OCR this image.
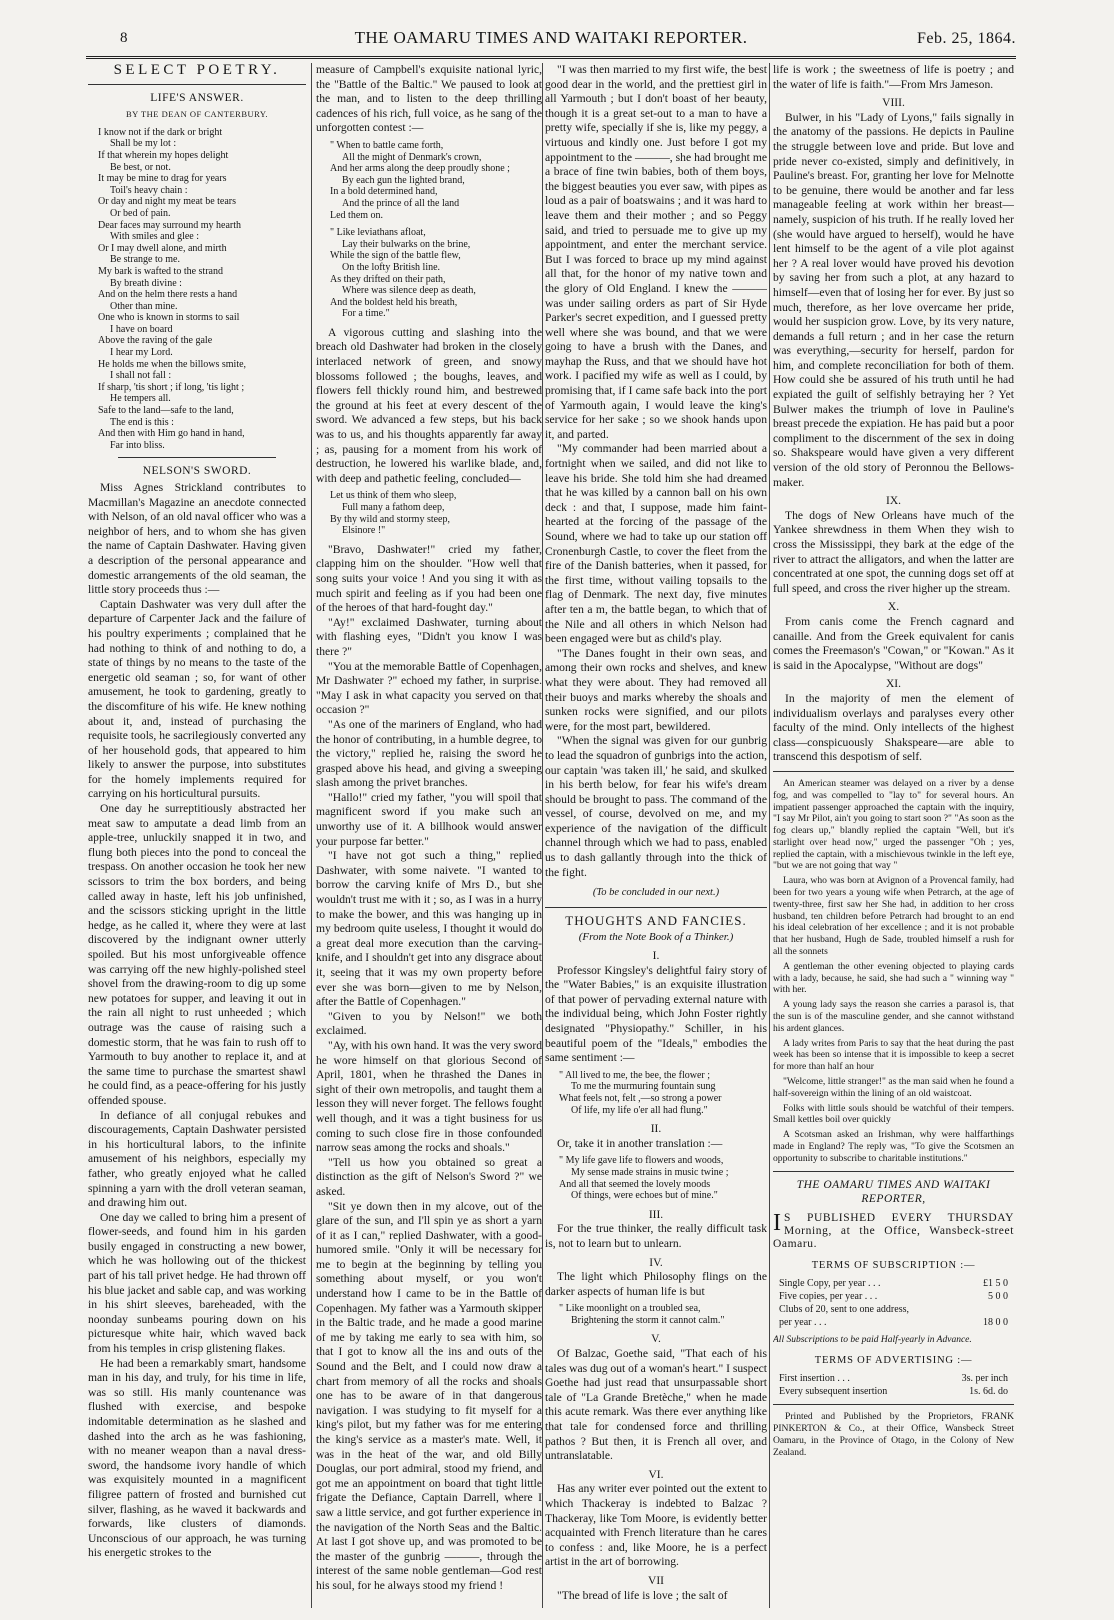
8	THE OAMARU TIMES AND WAITAKI REPORTER.	Feb. 25, 1864.
SELECT POETRY.
LIFE'S ANSWER.
BY THE DEAN OF CANTERBURY.
I know not if the dark or bright
Shall be my lot :
If that wherein my hopes delight
Be best, or not.
It may be mine to drag for years
Toil's heavy chain :
Or day and night my meat be tears
Or bed of pain.
Dear faces may surround my hearth
With smiles and glee :
Or I may dwell alone, and mirth
Be strange to me.
My bark is wafted to the strand
By breath divine :
And on the helm there rests a hand
Other than mine.
One who is known in storms to sail
I have on board
Above the raving of the gale
I hear my Lord.
He holds me when the billows smite,
I shall not fall :
If sharp, 'tis short ; if long, 'tis light ;
He tempers all.
Safe to the land—safe to the land,
The end is this :
And then with Him go hand in hand,
Far into bliss.
NELSON'S SWORD.

Miss Agnes Strickland contributes to Macmillan's Magazine an anecdote connected with Nelson, of an old naval officer who was a neighbor of hers, and to whom she has given the name of Captain Dashwater. Having given a description of the personal appearance and domestic arrangements of the old seaman, the little story proceeds thus :—

Captain Dashwater was very dull after the departure of Carpenter Jack and the failure of his poultry experiments ; complained that he had nothing to think of and nothing to do, a state of things by no means to the taste of the energetic old seaman ; so, for want of other amusement, he took to gardening, greatly to the discomfiture of his wife. He knew nothing about it, and, instead of purchasing the requisite tools, he sacrilegiously converted any of her household gods, that appeared to him likely to answer the purpose, into substitutes for the homely implements required for carrying on his horticultural pursuits.

One day he surreptitiously abstracted her meat saw to amputate a dead limb from an apple-tree, unluckily snapped it in two, and flung both pieces into the pond to conceal the trespass. On another occasion he took her new scissors to trim the box borders, and being called away in haste, left his job unfinished, and the scissors sticking upright in the little hedge, as he called it, where they were at last discovered by the indignant owner utterly spoiled. But his most unforgiveable offence was carrying off the new highly-polished steel shovel from the drawing-room to dig up some new potatoes for supper, and leaving it out in the rain all night to rust unheeded ; which outrage was the cause of raising such a domestic storm, that he was fain to rush off to Yarmouth to buy another to replace it, and at the same time to purchase the smartest shawl he could find, as a peace-offering for his justly offended spouse.

In defiance of all conjugal rebukes and discouragements, Captain Dashwater persisted in his horticultural labors, to the infinite amusement of his neighbors, especially my father, who greatly enjoyed what he called spinning a yarn with the droll veteran seaman, and drawing him out.

One day we called to bring him a present of flower-seeds, and found him in his garden busily engaged in constructing a new bower, which he was hollowing out of the thickest part of his tall privet hedge. He had thrown off his blue jacket and sable cap, and was working in his shirt sleeves, bareheaded, with the noonday sunbeams pouring down on his picturesque white hair, which waved back from his temples in crisp glistening flakes.

He had been a remarkably smart, handsome man in his day, and truly, for his time in life, was so still. His manly countenance was flushed with exercise, and bespoke indomitable determination as he slashed and dashed into the arch as he was fashioning, with no meaner weapon than a naval dress-sword, the handsome ivory handle of which was exquisitely mounted in a magnificent filigree pattern of frosted and burnished cut silver, flashing, as he waved it backwards and forwards, like clusters of diamonds. Unconscious of our approach, he was turning his energetic strokes to the

measure of Campbell's exquisite national lyric, the "Battle of the Baltic." We paused to look at the man, and to listen to the deep thrilling cadences of his rich, full voice, as he sang of the unforgotten contest :—

" When to battle came forth,
All the might of Denmark's crown,
And her arms along the deep proudly shone ;
By each gun the lighted brand,
In a bold determined hand,
And the prince of all the land
Led them on.
" Like leviathans afloat,
Lay their bulwarks on the brine,
While the sign of the battle flew,
On the lofty British line.
As they drifted on their path,
Where was silence deep as death,
And the boldest held his breath,
For a time."

A vigorous cutting and slashing into the breach old Dashwater had broken in the closely interlaced network of green, and snowy blossoms followed ; the boughs, leaves, and flowers fell thickly round him, and bestrewed the ground at his feet at every descent of the sword. We advanced a few steps, but his back was to us, and his thoughts apparently far away ; as, pausing for a moment from his work of destruction, he lowered his warlike blade, and, with deep and pathetic feeling, concluded—

Let us think of them who sleep,
Full many a fathom deep,
By thy wild and stormy steep,
Elsinore !"

"Bravo, Dashwater!" cried my father, clapping him on the shoulder. "How well that song suits your voice ! And you sing it with as much spirit and feeling as if you had been one of the heroes of that hard-fought day."

"Ay!" exclaimed Dashwater, turning about with flashing eyes, "Didn't you know I was there ?"

"You at the memorable Battle of Copenhagen, Mr Dashwater ?" echoed my father, in surprise. "May I ask in what capacity you served on that occasion ?"

"As one of the mariners of England, who had the honor of contributing, in a humble degree, to the victory," replied he, raising the sword he grasped above his head, and giving a sweeping slash among the privet branches.

"Hallo!" cried my father, "you will spoil that magnificent sword if you make such an unworthy use of it. A billhook would answer your purpose far better."

"I have not got such a thing," replied Dashwater, with some naivete. "I wanted to borrow the carving knife of Mrs D., but she wouldn't trust me with it ; so, as I was in a hurry to make the bower, and this was hanging up in my bedroom quite useless, I thought it would do a great deal more execution than the carving-knife, and I shouldn't get into any disgrace about it, seeing that it was my own property before ever she was born—given to me by Nelson, after the Battle of Copenhagen."

"Given to you by Nelson!" we both exclaimed.

"Ay, with his own hand. It was the very sword he wore himself on that glorious Second of April, 1801, when he thrashed the Danes in sight of their own metropolis, and taught them a lesson they will never forget. The fellows fought well though, and it was a tight business for us coming to such close fire in those confounded narrow seas among the rocks and shoals."

"Tell us how you obtained so great a distinction as the gift of Nelson's Sword ?" we asked.

"Sit ye down then in my alcove, out of the glare of the sun, and I'll spin ye as short a yarn of it as I can," replied Dashwater, with a good-humored smile. "Only it will be necessary for me to begin at the beginning by telling you something about myself, or you won't understand how I came to be in the Battle of Copenhagen. My father was a Yarmouth skipper in the Baltic trade, and he made a good marine of me by taking me early to sea with him, so that I got to know all the ins and outs of the Sound and the Belt, and I could now draw a chart from memory of all the rocks and shoals one has to be aware of in that dangerous navigation. I was studying to fit myself for a king's pilot, but my father was for me entering the king's service as a master's mate. Well, it was in the heat of the war, and old Billy Douglas, our port admiral, stood my friend, and got me an appointment on board that tight little frigate the Defiance, Captain Darrell, where I saw a little service, and got further experience in the navigation of the North Seas and the Baltic. At last I got shove up, and was promoted to be the master of the gunbrig ———, through the interest of the same noble gentleman—God rest his soul, for he always stood my friend !

"I was then married to my first wife, the best good dear in the world, and the prettiest girl in all Yarmouth ; but I don't boast of her beauty, though it is a great set-out to a man to have a pretty wife, specially if she is, like my peggy, a virtuous and kindly one. Just before I got my appointment to the ———, she had brought me a brace of fine twin babies, both of them boys, the biggest beauties you ever saw, with pipes as loud as a pair of boatswains ; and it was hard to leave them and their mother ; and so Peggy said, and tried to persuade me to give up my appointment, and enter the merchant service. But I was forced to brace up my mind against all that, for the honor of my native town and the glory of Old England. I knew the ——— was under sailing orders as part of Sir Hyde Parker's secret expedition, and I guessed pretty well where she was bound, and that we were going to have a brush with the Danes, and mayhap the Russ, and that we should have hot work. I pacified my wife as well as I could, by promising that, if I came safe back into the port of Yarmouth again, I would leave the king's service for her sake ; so we shook hands upon it, and parted.

"My commander had been married about a fortnight when we sailed, and did not like to leave his bride. She told him she had dreamed that he was killed by a cannon ball on his own deck : and that, I suppose, made him faint-hearted at the forcing of the passage of the Sound, where we had to take up our station off Cronenburgh Castle, to cover the fleet from the fire of the Danish batteries, when it passed, for the first time, without vailing topsails to the flag of Denmark. The next day, five minutes after ten a m, the battle began, to which that of the Nile and all others in which Nelson had been engaged were but as child's play.

"The Danes fought in their own seas, and among their own rocks and shelves, and knew what they were about. They had removed all their buoys and marks whereby the shoals and sunken rocks were signified, and our pilots were, for the most part, bewildered.

"When the signal was given for our gunbrig to lead the squadron of gunbrigs into the action, our captain 'was taken ill,' he said, and skulked in his berth below, for fear his wife's dream should be brought to pass. The command of the vessel, of course, devolved on me, and my experience of the navigation of the difficult channel through which we had to pass, enabled us to dash gallantly through into the thick of the fight.

(To be concluded in our next.)
THOUGHTS AND FANCIES.
(From the Note Book of a Thinker.)
I.

Professor Kingsley's delightful fairy story of the "Water Babies," is an exquisite illustration of that power of pervading external nature with the individual being, which John Foster rightly designated "Physiopathy." Schiller, in his beautiful poem of the "Ideals," embodies the same sentiment :—

" All lived to me, the bee, the flower ;
To me the murmuring fountain sung
What feels not, felt ,—so strong a power
Of life, my life o'er all had flung."
II.

Or, take it in another translation :—

" My life gave life to flowers and woods,
My sense made strains in music twine ;
And all that seemed the lovely moods
Of things, were echoes but of mine."
III.

For the true thinker, the really difficult task is, not to learn but to unlearn.

IV.

The light which Philosophy flings on the darker aspects of human life is but

" Like moonlight on a troubled sea,
Brightening the storm it cannot calm."
V.

Of Balzac, Goethe said, "That each of his tales was dug out of a woman's heart." I suspect Goethe had just read that unsurpassable short tale of "La Grande Bretèche," when he made this acute remark. Was there ever anything like that tale for condensed force and thrilling pathos ? But then, it is French all over, and untranslatable.

VI.

Has any writer ever pointed out the extent to which Thackeray is indebted to Balzac ? Thackeray, like Tom Moore, is evidently better acquainted with French literature than he cares to confess : and, like Moore, he is a perfect artist in the art of borrowing.

VII

"The bread of life is love ; the salt of

life is work ; the sweetness of life is poetry ; and the water of life is faith."—From Mrs Jameson.

VIII.

Bulwer, in his "Lady of Lyons," fails signally in the anatomy of the passions. He depicts in Pauline the struggle between love and pride. But love and pride never co-existed, simply and definitively, in Pauline's breast. For, granting her love for Melnotte to be genuine, there would be another and far less manageable feeling at work within her breast—namely, suspicion of his truth. If he really loved her (she would have argued to herself), would he have lent himself to be the agent of a vile plot against her ? A real lover would have proved his devotion by saving her from such a plot, at any hazard to himself—even that of losing her for ever. By just so much, therefore, as her love overcame her pride, would her suspicion grow. Love, by its very nature, demands a full return ; and in her case the return was everything,—security for herself, pardon for him, and complete reconciliation for both of them. How could she be assured of his truth until he had expiated the guilt of selfishly betraying her ? Yet Bulwer makes the triumph of love in Pauline's breast precede the expiation. He has paid but a poor compliment to the discernment of the sex in doing so. Shakspeare would have given a very different version of the old story of Peronnou the Bellows-maker.

IX.

The dogs of New Orleans have much of the Yankee shrewdness in them When they wish to cross the Mississippi, they bark at the edge of the river to attract the alligators, and when the latter are concentrated at one spot, the cunning dogs set off at full speed, and cross the river higher up the stream.

X.

From canis come the French cagnard and canaille. And from the Greek equivalent for canis comes the Freemason's "Cowan," or "Kowan." As it is said in the Apocalypse, "Without are dogs"

XI.

In the majority of men the element of individualism overlays and paralyses every other faculty of the mind. Only intellects of the highest class—conspicuously Shakspeare—are able to transcend this despotism of self.

An American steamer was delayed on a river by a dense fog, and was compelled to "lay to" for several hours. An impatient passenger approached the captain with the inquiry, "I say Mr Pilot, ain't you going to start soon ?" "As soon as the fog clears up," blandly replied the captain "Well, but it's starlight over head now," urged the passenger "Oh ; yes, replied the captain, with a mischievous twinkle in the left eye, "but we are not going that way "

Laura, who was born at Avignon of a Provencal family, had been for two years a young wife when Petrarch, at the age of twenty-three, first saw her She had, in addition to her cross husband, ten children before Petrarch had brought to an end his ideal celebration of her excellence ; and it is not probable that her husband, Hugh de Sade, troubled himself a rush for all the sonnets

A gentleman the other evening objected to playing cards with a lady, because, he said, she had such a " winning way " with her.

A young lady says the reason she carries a parasol is, that the sun is of the masculine gender, and she cannot withstand his ardent glances.

A lady writes from Paris to say that the heat during the past week has been so intense that it is impossible to keep a secret for more than half an hour

"Welcome, little stranger!" as the man said when he found a half-sovereign within the lining of an old waistcoat.

Folks with little souls should be watchful of their tempers. Small kettles boil over quickly

A Scotsman asked an Irishman, why were halffarthings made in England? The reply was, "To give the Scotsmen an opportunity to subscribe to charitable institutions."

THE OAMARU TIMES AND WAITAKI REPORTER,
I S PUBLISHED EVERY THURSDAY Morning, at the Office, Wansbeck-street Oamaru.
TERMS OF SUBSCRIPTION :—
Single Copy, per year . . .	£1 5 0
Five copies, per year . . .	5 0 0
Clubs of 20, sent to one address,
per year . . .	18 0 0
All Subscriptions to be paid Half-yearly in Advance.
TERMS OF ADVERTISING :—
First insertion . . .	3s. per inch
Every subsequent insertion	1s. 6d. do

Printed and Published by the Proprietors, FRANK PINKERTON & Co., at their Office, Wansbeck Street Oamaru, in the Province of Otago, in the Colony of New Zealand.
